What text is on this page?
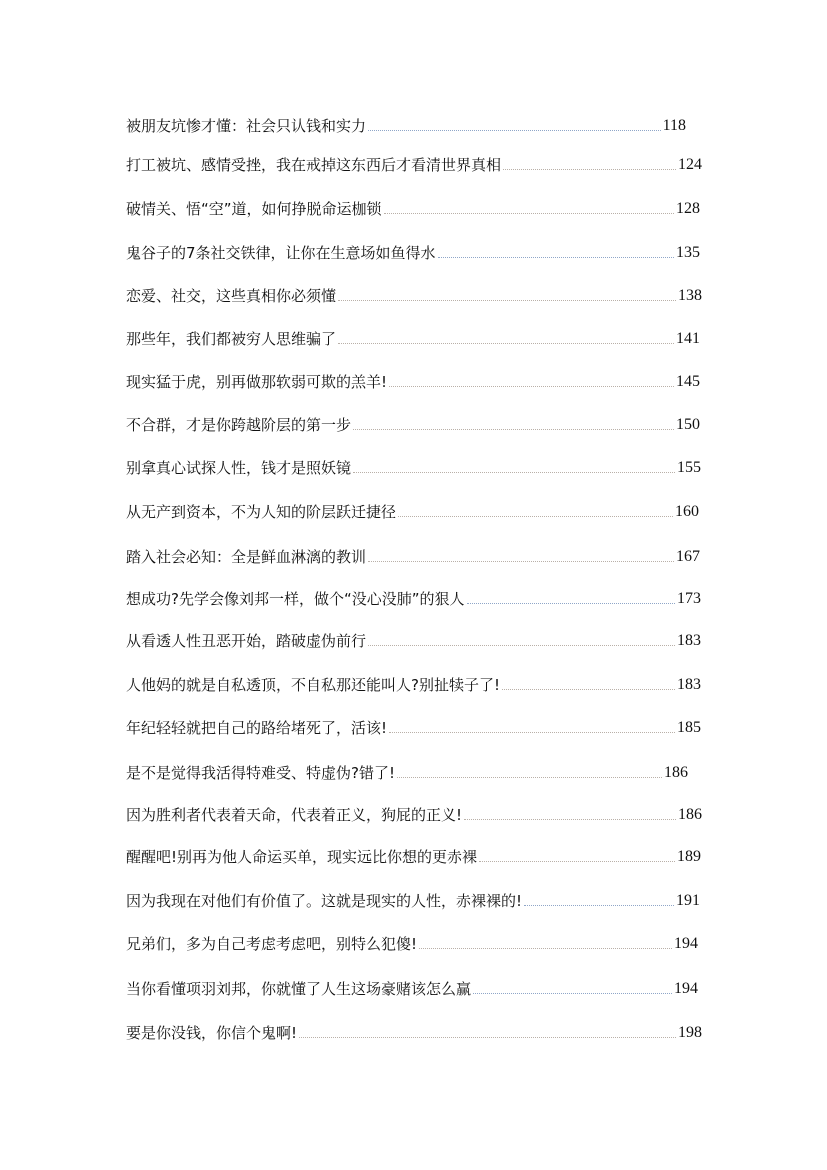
被朋友坑惨才懂：社会只认钱和实力	118
打工被坑、感情受挫，我在戒掉这东西后才看清世界真相	124
破情关、悟“空”道，如何挣脱命运枷锁	128
鬼谷子的7条社交铁律，让你在生意场如鱼得水	135
恋爱、社交，这些真相你必须懂	138
那些年，我们都被穷人思维骗了	141
现实猛于虎，别再做那软弱可欺的羔羊!	145
不合群，才是你跨越阶层的第一步	150
别拿真心试探人性，钱才是照妖镜	155
从无产到资本，不为人知的阶层跃迁捷径	160
踏入社会必知：全是鲜血淋漓的教训	167
想成功?先学会像刘邦一样，做个“没心没肺”的狠人	173
从看透人性丑恶开始，踏破虚伪前行	183
人他妈的就是自私透顶，不自私那还能叫人?别扯犊子了!	183
年纪轻轻就把自己的路给堵死了，活该!	185
是不是觉得我活得特难受、特虚伪?错了!	186
因为胜利者代表着天命，代表着正义，狗屁的正义!	186
醒醒吧!别再为他人命运买单，现实远比你想的更赤裸	189
因为我现在对他们有价值了。这就是现实的人性，赤裸裸的!	191
兄弟们，多为自己考虑考虑吧，别特么犯傻!	194
当你看懂项羽刘邦，你就懂了人生这场豪赌该怎么赢	194
要是你没钱，你信个鬼啊!	198
